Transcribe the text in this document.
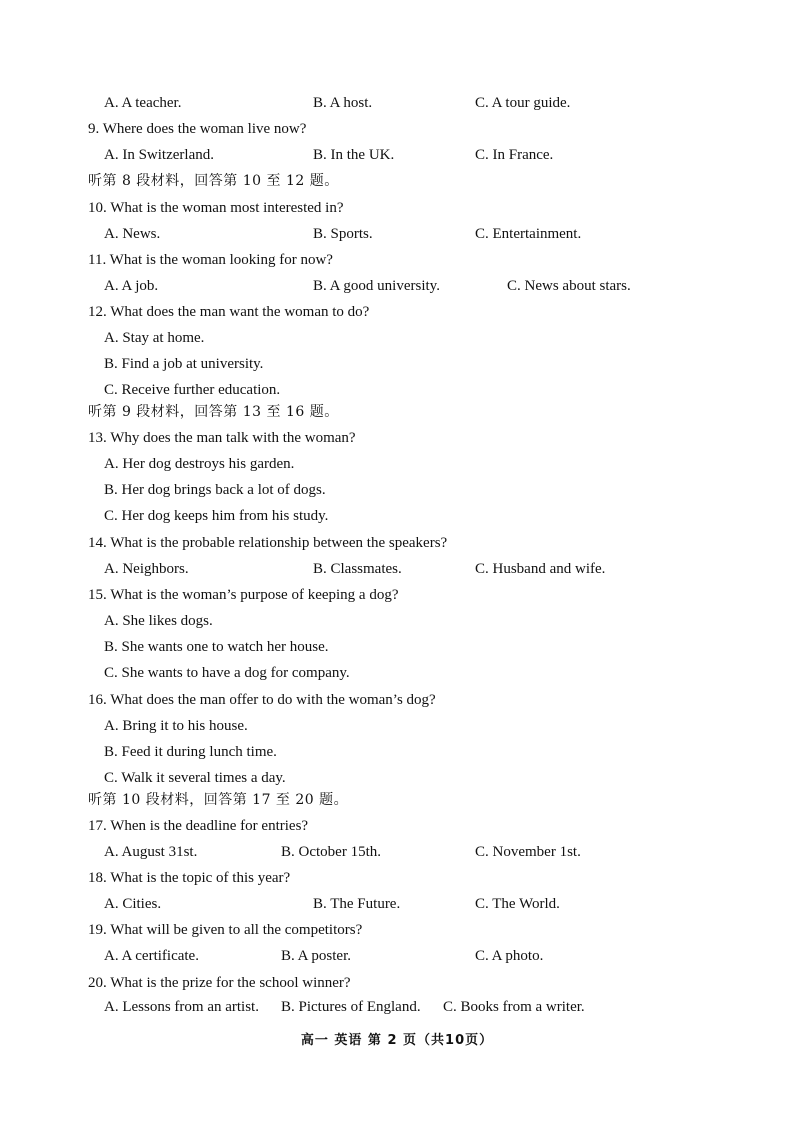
A. A teacher.	B. A host.	C. A tour guide.
9. Where does the woman live now?
A. In Switzerland.	B. In the UK.	C. In France.
听第 8 段材料，回答第 10 至 12 题。
10. What is the woman most interested in?
A. News.	B. Sports.	C. Entertainment.
11. What is the woman looking for now?
A. A job.	B. A good university.	C. News about stars.
12. What does the man want the woman to do?
A. Stay at home.
B. Find a job at university.
C. Receive further education.
听第 9 段材料，回答第 13 至 16 题。
13. Why does the man talk with the woman?
A. Her dog destroys his garden.
B. Her dog brings back a lot of dogs.
C. Her dog keeps him from his study.
14. What is the probable relationship between the speakers?
A. Neighbors.	B. Classmates.	C. Husband and wife.
15. What is the woman’s purpose of keeping a dog?
A. She likes dogs.
B. She wants one to watch her house.
C. She wants to have a dog for company.
16. What does the man offer to do with the woman’s dog?
A. Bring it to his house.
B. Feed it during lunch time.
C. Walk it several times a day.
听第 10 段材料，回答第 17 至 20 题。
17. When is the deadline for entries?
A. August 31st.	B. October 15th.	C. November 1st.
18. What is the topic of this year?
A. Cities.	B. The Future.	C. The World.
19. What will be given to all the competitors?
A. A certificate.	B. A poster.	C. A photo.
20. What is the prize for the school winner?
A. Lessons from an artist. B. Pictures of England. C. Books from a writer.
高一 英语 第 2 页（共10页）
